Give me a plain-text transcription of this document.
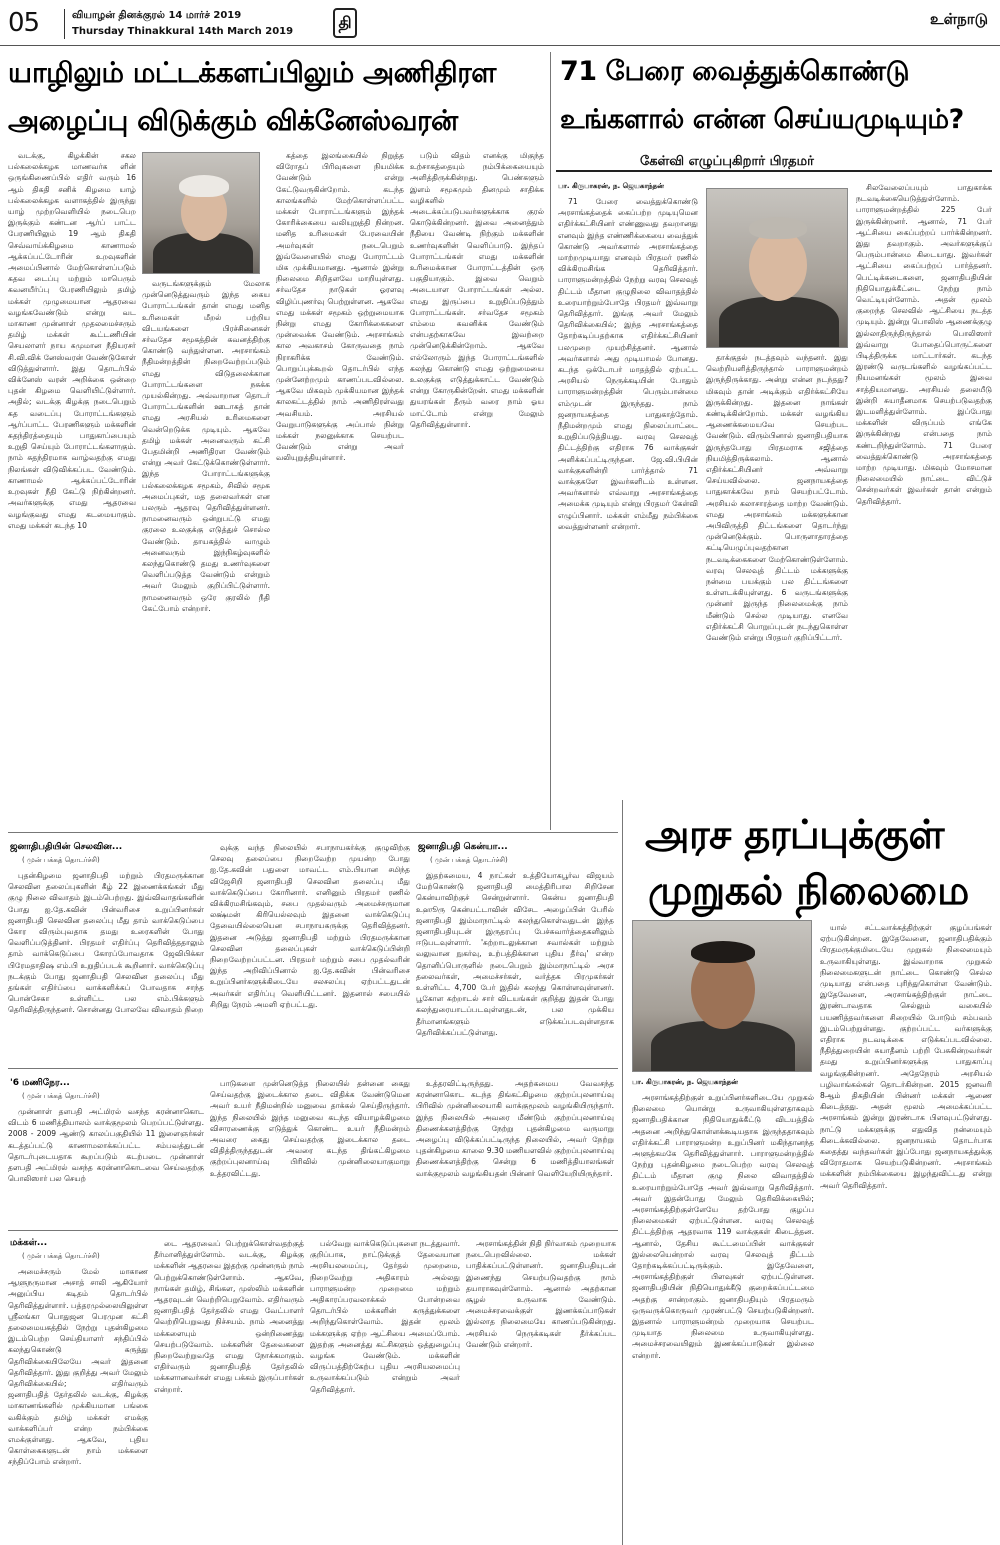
05	வியாழன் தினக்குரல் 14 மார்ச் 2019
Thursday Thinakkural 14th March 2019	தி	உள்நாடு
யாழிலும் மட்டக்களப்பிலும் அணிதிரள
அழைப்பு விடுக்கும் விக்னேஸ்வரன்

வடக்கு, கிழக்கின் சகல பல்கலைக்கழக மாணவர்க ளின் ஒருங்கிணைப்பில் எதிர் வரும் 16 ஆம் திகதி சனிக் கிழமை யாழ் பல்கலைக்கழக வளாகத்தில் இருந்து யாழ் முற்றவெளியில் நடைபெற இருக்கும் கண்டன ஆர்ப் பாட்ட பேரணியிலும் 19 ஆம் திகதி செவ்வாய்க்கிழமை காணாமல் ஆக்கப்பட்டோரின் உறவுகளின் அமைப்பினால் மேற்கொள்ளப்படும் கதவ டைப்பு மற்றும் மாபெரும் கவனயீர்ப்பு பேரணியிலும் தமிழ் மக்கள் முழுமையான ஆதரவை வழங்கவேண்டும் என்று வட மாகாண முன்னாள் முதலமைச்சரும் தமிழ் மக்கள் கூட்டணியின் செயலாளர் நாய கமுமான நீதியரசர் சி.வி.விக் னேஸ்வரன் வேண்டுகோள் விடுத்துள்ளார். இது தொடர்பில் விக்னேஸ் வரன் அறிக்கை ஒன்றை புதன் கிழமை வெளியிட்டுள்ளார். அதில்; வடக்கு கிழக்கு நடைபெறும் கத வடைப்பு போராட்டங்களும் ஆர்ப்பாட்ட பேரணிகளும் மக்களின் சுதந்திரத்தையும் பாதுகாப்பையும் உறுதி செய்யும் போராட்டங்களாகும். நாம் சுதந்திரமாக வாழ்வதற்கு எமது நிலங்கள் விடுவிக்கப்பட வேண்டும். காணாமல் ஆக்கப்பட்டோரின் உறவுகள் நீதி கேட்டு நிற்கின்றனர். அவர்களுக்கு எமது ஆதரவை வழங்குவது எமது கடமையாகும். எமது மக்கள் கடந்த 10

வருடங்களுக்கும் மேலாக முன்னெடுத்துவரும் இந்த கைய போராட்டங்கள் தான் எமது மனித உரிமைகள் மீறல் பற்றிய விடயங்களை பிரச்சினைகள் சர்வதேச சமூகத்தின் கவனத்திற்கு கொண்டு வந்துள்ளன. அரசாங்கம் நீதிமன்றத்தின் நிறைவேற்றப்படும் எமது விடுதலைக்கான போராட்டங்களை நசுக்க முயல்கின்றது. அவ்வாறான தொடர் போராட்டங்களின் ஊடாகத் தான் எமது அரசியல் உரிமைகளை வென்றெடுக்க முடியும். ஆகவே தமிழ் மக்கள் அனைவரும் கட்சி பேதமின்றி அணிதிரள வேண்டும் என்று அவர் கேட்டுக்கொண்டுள்ளார். இந்த போராட்டங்களுக்கு பல்கலைக்கழக சமூகம், சிவில் சமூக அமைப்புகள், மத தலைவர்கள் என பலரும் ஆதரவு தெரிவித்துள்ளனர். நாமனைவரும் ஒன்றுபட்டு எமது குரலை உலகுக்கு எடுத்துச் சொல்ல வேண்டும். தாயகத்தில் வாழும் அனைவரும் இந்நிகழ்வுகளில் கலந்துகொண்டு தமது உணர்வுகளை வெளிப்படுத்த வேண்டும் என்றும் அவர் மேலும் குறிப்பிட்டுள்ளார். நாமனைவரும் ஒரே குரலில் நீதி கேட்போம் என்றார்.

கத்தை இலங்கையில் நிறுத்த விரோதப் பிரிவுகளை நியமிக்க வேண்டும் என்று கேட்டுவருகின்றோம். கடந்த காலங்களில் மேற்கொள்ளப்பட்ட மக்கள் போராட்டங்களும் இந்தக் கோரிக்கையை வலியுறுத்தி நின்றன. மனித உரிமைகள் பேரவையின் அமர்வுகள் நடைபெறும் இவ்வேளையில் எமது போராட்டம் மிக முக்கியமானது. ஆனால் இன்று நிலைமை சிறிதளவே மாறியுள்ளது. சர்வதேச நாடுகள் ஓரளவு விழிப்புணர்வு பெற்றுள்ளன. ஆகவே எமது மக்கள் சமூகம் ஒற்றுமையாக நின்று எமது கோரிக்கைகளை முன்வைக்க வேண்டும். அரசாங்கம் கால அவகாசம் கோருவதை நாம் நிராகரிக்க வேண்டும். பொறுப்புக்கூறல் தொடர்பில் எந்த முன்னேற்றமும் காணப்படவில்லை. ஆகவே மிகவும் முக்கியமான இந்தக் காலகட்டத்தில் நாம் அணிதிரள்வது அவசியம். அரசியல் வேறுபாடுகளுக்கு அப்பால் நின்று மக்கள் நலனுக்காக செயற்பட வேண்டும் என்று அவர் வலியுறுத்தியுள்ளார்.

படும் விதம் எனக்கு மிகுந்த உற்சாகத்தையும் நம்பிக்கையையும் அளித்திருக்கின்றது. பெண்களும் இளம் சமூகமும் தினமும் சாதிக்க வழிகளில் அடைக்கப்படுபவர்களுக்காக குரல் கொடுக்கின்றனர். இவை அனைத்தும் நீதியை வேண்டி நிற்கும் மக்களின் உணர்வுகளின் வெளிப்பாடு. இந்தப் போராட்டங்கள் எமது மக்களின் உரிமைக்கான போராட்டத்தின் ஒரு பகுதியாகும். இவை வெறும் அடையாள போராட்டங்கள் அல்ல. எமது இருப்பை உறுதிப்படுத்தும் போராட்டங்கள். சர்வதேச சமூகம் எம்மை கவனிக்க வேண்டும் என்பதற்காகவே இவற்றை முன்னெடுக்கின்றோம். ஆகவே எல்லோரும் இந்த போராட்டங்களில் கலந்து கொண்டு எமது ஒற்றுமையை உலகுக்கு எடுத்துக்காட்ட வேண்டும் என்று கோருகின்றேன். எமது மக்களின் துயரங்கள் தீரும் வரை நாம் ஓய மாட்டோம் என்று மேலும் தெரிவித்துள்ளார்.

71 பேரை வைத்துக்கொண்டு
உங்களால் என்ன செய்யமுடியும்?
கேள்வி எழுப்புகிறார் பிரதமர்
பா. கிருபாகரன், ந. ஜெயகாந்தன்

71 பேரை வைத்துக்கொண்டு அரசாங்கத்தைக் கைப்பற்ற முடியுமென எதிர்க்கட்சியினர் எண்ணுவது தவறானது எனவும் இந்த எண்ணிக்கையை வைத்துக் கொண்டு அவர்களால் அரசாங்கத்தை மாற்றமுடியாது எனவும் பிரதமர் ரணில் விக்கிரமசிங்க தெரிவித்தார். பாராளுமன்றத்தில் நேற்று வரவு செலவுத் திட்டம் மீதான குழுநிலை விவாதத்தில் உரையாற்றும்போதே பிரதமர் இவ்வாறு தெரிவித்தார். இங்கு அவர் மேலும் தெரிவிக்கையில்; இந்த அரசாங்கத்தை தோற்கடிப்பதற்காக எதிர்க்கட்சியினர் பலமுறை முயற்சித்தனர். ஆனால் அவர்களால் அது முடியாமல் போனது. கடந்த ஒக்டோபர் மாதத்தில் ஏற்பட்ட அரசியல் நெருக்கடியின் போதும் பாராளுமன்றத்தின் பெரும்பான்மை எம்முடன் இருந்தது. நாம் ஜனநாயகத்தை பாதுகாத்தோம். நீதிமன்றமும் எமது நிலைப்பாட்டை உறுதிப்படுத்தியது. வரவு செலவுத் திட்டத்திற்கு எதிராக 76 வாக்குகள் அளிக்கப்பட்டிருந்தன. ஜே.வி.பியின் வாக்குகளின்றி பார்த்தால் 71 வாக்குகளே இவர்களிடம் உள்ளன. அவர்களால் எவ்வாறு அரசாங்கத்தை அமைக்க முடியும் என்று பிரதமர் கேள்வி எழுப்பினார். மக்கள் எம்மீது நம்பிக்கை வைத்துள்ளனர் என்றார்.

தாக்குதல் நடத்தவும் வந்தனர். இது வெற்றியளித்திருந்தால் பாராளுமன்றம் இருந்திருக்காது. அன்று என்ன நடந்தது? மிகவும் தான் அடிக்கும் எதிர்க்கட்சியே இருக்கின்றது. இதனை நாங்கள் கண்டிக்கின்றோம். மக்கள் வழங்கிய ஆணைக்கமையவே செயற்பட வேண்டும். விரும்பினால் ஜனாதிபதியாக இருந்தபோது பிரதமராக சஜித்தை நியமித்திருக்கலாம். ஆனால் எதிர்க்கட்சியினர் அவ்வாறு செய்யவில்லை. ஜனநாயகத்தை பாதுகாக்கவே நாம் செயற்பட்டோம். அரசியல் கலாசாரத்தை மாற்ற வேண்டும். எமது அரசாங்கம் மக்களுக்கான அபிவிருத்தி திட்டங்களை தொடர்ந்து முன்னெடுக்கும். பொருளாதாரத்தை கட்டியெழுப்புவதற்கான நடவடிக்கைகளை மேற்கொண்டுள்ளோம். வரவு செலவுத் திட்டம் மக்களுக்கு நன்மை பயக்கும் பல திட்டங்களை உள்ளடக்கியுள்ளது. 6 வருடங்களுக்கு முன்னர் இருந்த நிலைமைக்கு நாம் மீண்டும் செல்ல முடியாது. எனவே எதிர்க்கட்சி பொறுப்புடன் நடந்துகொள்ள வேண்டும் என்று பிரதமர் குறிப்பிட்டார்.

சிலவேலைப்பயும் பாதுகாக்க நடவடிக்கையெடுத்துள்ளோம். பாராளுமன்றத்தில் 225 பேர் இருக்கின்றனர். ஆனால், 71 பேர் ஆட்சியை கைப்பற்றப் பார்க்கின்றனர். இது தவறாகும். அவர்களுக்குப் பெரும்பான்மை கிடையாது. இவர்கள் ஆட்சியை கைப்பற்றப் பார்த்தனர். பெட்டிக்கடைகளை, ஜனாதிபதியின் நிதியொதுக்கீட்டை நேற்று நாம் வெட்டியுள்ளோம். அதன் மூலம் குறைந்த செலவில் ஆட்சியை நடத்த முடியும். இன்று பொலிஸ் ஆணைக்குழு இல்லாதிருந்திருந்தால் பொலிஸார் இவ்வாறு போதைப்பொருட்களை பிடித்திருக்க மாட்டார்கள். கடந்த இரண்டு வருடங்களில் வழங்கப்பட்ட நியமனங்கள் மூலம் இவை சாத்தியமானது. அரசியல் தலையீடு இன்றி சுயாதீனமாக செயற்படுவதற்கு இடமளித்துள்ளோம். இப்போது மக்களின் விருப்பம் எங்கே இருக்கின்றது என்பதை நாம் கண்டறிந்துள்ளோம். 71 பேரை வைத்துக்கொண்டு அரசாங்கத்தை மாற்ற முடியாது. மிகவும் மோசமான நிலைமையில் நாட்டை விட்டுச் சென்றவர்கள் இவர்கள் தான் என்றும் தெரிவித்தார்.

ஜனாதிபதியின் செலவின...
( முன் பக்கத் தொடர்ச்சி)

புதன்கிழமை ஜனாதிபதி மற்றும் பிரதமருக்கான செலவின தலைப்புகளின் கீழ் 22 இணைக்கங்கள் மீது குழு நிலை விவாதம் இடம்பெற்றது. இவ்விவாதங்களின் போது ஐ.தே.கவின் பின்வரிசை உறுப்பினர்கள் ஜனாதிபதி செலவின தலைப்பு மீது தாம் வாக்கெடுப்பை கோர விரும்புவதாக தமது உரைகளின் போது வெளிப்படுத்தினர். பிரதமர் எதிர்ப்பு தெரிவித்ததாலும் தாம் வாக்கெடுப்பை கோரப்போவதாக ஜேவிபிக்கா பிரேமதாதிஷ எம்.பி உறுதிப்படக் கூறினார். வாக்கெடுப்பு நடக்கும் போது ஜனாதிபதி செலவின தலைப்பு மீது தங்கள் எதிர்ப்பை வாக்களிக்கப் போவதாக சாந்த பொன்சேகா உள்ளிட்ட பல எம்.பிக்களும் தெரிவித்திருந்தனர். சொன்னது போலவே விவாதம் நிறை

வுக்கு வந்த நிலையில் சபாநாயகர்க்கு குழுவிற்கு செலவு தலைப்பை நிறைவேற்ற முயன்ற போது ஐ.தே.கவின் பதுளை மாவட்ட எம்.பியான சமிந்த விஜேசிறி ஜனாதிபதி செலவின தலைப்பு மீது வாக்கெடுப்பை கோரினார். எனினும் பிரதமர் ரணில் விக்கிரமசிங்கவும், சபை முதல்வரும் அமைச்சருமான லக்ஷ்மன் கிரியெல்லவும் இதனை வாக்கெடுப்பு தேவையில்லையென சபாநாயகருக்கு தெரிவித்தனர். இதனை அடுத்து ஜனாதிபதி மற்றும் பிரதமருக்கான செலவின தலைப்புகள் வாக்கெடுப்பின்றி நிறைவேற்றப்பட்டன. பிரதமர் மற்றும் சபை முதல்வரின் இந்த அறிவிப்பினால் ஐ.தே.கவின் பின்வரிசை உறுப்பினர்களுக்கிடையே சலசலப்பு ஏற்பட்டதுடன் அவர்கள் எதிர்ப்பு வெளியிட்டனர். இதனால் சபையில் சிறிது நேரம் அமளி ஏற்பட்டது.

ஜனாதிபதி கென்யா...
( முன் பக்கத் தொடர்ச்சி)

இதற்கமைய, 4 நாட்கள் உத்தியோகபூர்வ விஜயம் மேற்கொண்டு ஜனாதிபதி மைத்திரிபால சிறிசேன கென்யாவிற்குச் சென்றுள்ளார். கென்ய ஜனாதிபதி உஹூரு கென்யட்டாவின் விசேட அழைப்பின் பேரில் ஜனாதிபதி இம்மாநாட்டில் கலந்துகொள்வதுடன் இந்த ஜனாதிபதியுடன் இருதரப்பு பேச்சுவார்த்தைகளிலும் ஈடுபடவுள்ளார். 'சுற்றாடலுக்கான சவால்கள் மற்றும் வலுவான நுகர்வு, உற்பத்திக்கான புதிய தீர்வு' என்ற தொனிப்பொருளில் நடைபெறும் இம்மாநாட்டில் அரச தலைவர்கள், அமைச்சர்கள், வர்த்தக பிரமுகர்கள் உள்ளிட்ட 4,700 பேர் இதில் கலந்து கொள்ளவுள்ளனர். பூகோள சுற்றாடல் சார் விடயங்கள் குறித்து இதன் போது கலந்துரையாடப்படவுள்ளதுடன், பல முக்கிய தீர்மானங்களும் எடுக்கப்படவுள்ளதாக தெரிவிக்கப்பட்டுள்ளது.

அரச தரப்புக்குள்
முறுகல் நிலைமை
பா. கிருபாகரன், ந. ஜெயகாந்தன்

அரசாங்கத்திற்குள் உறுப்பினர்களிடையே முறுகல் நிலைமை யொன்று உருவாகியுள்ளதாகவும் ஜனாதிபதிக்கான நிதியொதுக்கீட்டு விடயத்தில் அதனை அறிந்துகொள்ளக்கூடியதாக இருந்ததாகவும் எதிர்க்கட்சி பாராளுமன்ற உறுப்பினர் மகிந்தானந்த அளுத்கமகே தெரிவித்துள்ளார். பாராளுமன்றத்தில் நேற்று புதன்கிழமை நடைபெற்ற வரவு செலவுத் திட்டம் மீதான குழு நிலை விவாதத்தில் உரையாற்றும்போதே அவர் இவ்வாறு தெரிவித்தார். அவர் இதன்போது மேலும் தெரிவிக்கையில்; அரசாங்கத்திற்குள்ளேயே தற்போது குழப்ப நிலைமைகள் ஏற்பட்டுள்ளன. வரவு செலவுத் திட்டத்திற்கு ஆதரவாக 119 வாக்குகள் கிடைத்தன. ஆனால், தேசிய கூட்டமைப்பின் வாக்குகள் இல்லையென்றால் வரவு செலவுத் திட்டம் தோற்கடிக்கப்பட்டிருக்கும். இதேவேளை, அரசாங்கத்திற்குள் பிளவுகள் ஏற்பட்டுள்ளன. ஜனாதிபதியின் நிதியொதுக்கீடு குறைக்கப்பட்டமை அதற்கு சான்றாகும். ஜனாதிபதியும் பிரதமரும் ஒருவருக்கொருவர் முரண்பட்டு செயற்படுகின்றனர். இதனால் பாராளுமன்றம் முறையாக செயற்பட முடியாத நிலைமை உருவாகியுள்ளது. அமைச்சரவையிலும் இணக்கப்பாடுகள் இல்லை என்றார்.

யால் சட்டவாக்கத்திற்குள் குழப்பங்கள் ஏற்படுகின்றன. இதேவேளை, ஜனாதிபதிக்கும் பிரதமருக்குமிடையே முறுகல் நிலைமையும் உருவாகியுள்ளது. இவ்வாறாக முறுகல் நிலைமைகளுடன் நாட்டை கொண்டு செல்ல முடியாது என்பதை புரிந்துகொள்ள வேண்டும். இதேவேளை, அரசாங்கத்திற்குள் நாட்டை இரண்டாவதாக செல்லும் வகையில் பயணித்தவர்களை சிறையில் போடும் சம்பவம் இடம்பெற்றுள்ளது. குற்றப்பட்ட வர்களுக்கு எதிராக நடவடிக்கை எடுக்கப்படவில்லை. நீதித்துறையின் சுயாதீனம் பற்றி பேசுகின்றவர்கள் தமது உறுப்பினர்களுக்கு பாதுகாப்பு வழங்குகின்றனர். அதேநேரம் அரசியல் பழிவாங்கல்கள் தொடர்கின்றன. 2015 ஜனவரி 8ஆம் திகதியின் பின்னர் மக்கள் ஆணை கிடைத்தது. அதன் மூலம் அமைக்கப்பட்ட அரசாங்கம் இன்று இரண்டாக பிளவுபட்டுள்ளது. நாட்டு மக்களுக்கு எதுவித நன்மையும் கிடைக்கவில்லை. ஜனநாயகம் தொடர்பாக கதைத்து வந்தவர்கள் இப்போது ஜனநாயகத்துக்கு விரோதமாக செயற்படுகின்றனர். அரசாங்கம் மக்களின் நம்பிக்கையை இழந்துவிட்டது என்று அவர் தெரிவித்தார்.

'6 மணிநேர...
( முன் பக்கத் தொடர்ச்சி)

முன்னாள் தளபதி அட்மிரல் வசந்த கரன்னாகொட விடம் 6 மணித்தியாலம் வாக்குமூலம் பெறப்பட்டுள்ளது. 2008 - 2009 ஆண்டு காலப்பகுதியில் 11 இளைஞர்கள் கடத்தப்பட்டு காணாமலாக்கப்பட்ட சம்பவத்துடன் தொடர்புடையதாக கூறப்படும் கடற்படை முன்னாள் தளபதி அட்மிரல் வசந்த கரன்னாகொடவை செய்வதற்கு பொலிஸார் பல செயற்

பாடுகளை முன்னெடுத்த நிலையில் தன்னை கைது செய்வதற்கு இடைக்கால தடை விதிக்க வேண்டுமென அவர் உயர் நீதிமன்றில் மனுவை தாக்கல் செய்திருந்தார். இந்த நிலையில் இந்த மனுவை கடந்த வியாழக்கிழமை விசாரணைக்கு எடுத்துக் கொண்ட உயர் நீதிமன்றம் அவரை கைது செய்வதற்கு இடைக்கால தடை விதித்திருந்ததுடன் அவரை கடந்த திங்கட்கிழமை குற்றப்புலனாய்வு பிரிவில் முன்னிலையாகுமாறு உத்தரவிட்டது.

உத்தரவிட்டிருந்தது. அதற்கமைய வேவசந்த கரன்னாகொட கடந்த திங்கட்கிழமை குற்றப்புலனாய்வு பிரிவில் முன்னிலையாகி வாக்குமூலம் வழங்கியிருந்தார். இந்த நிலையில் அவரை மீண்டும் குற்றப்புலனாய்வு திணைக்களத்திற்கு நேற்று புதன்கிழமை வருமாறு அழைப்பு விடுக்கப்பட்டிருந்த நிலையில், அவர் நேற்று புதன்கிழமை காலை 9.30 மணியளவில் குற்றப்புலனாய்வு திணைக்களத்திற்கு சென்று 6 மணித்தியாலங்கள் வாக்குமூலம் வழங்கியதன் பின்னர் வெளியேறியிருந்தார்.

மக்கள்...
( முன் பக்கத் தொடர்ச்சி)

அமைச்சரும் மேல் மாகாண ஆளுநருமான அசாத் சாலி ஆகியோர் அனுப்பிய கடிதம் தொடர்பில் தெரிவித்துள்ளார். பத்தரமுல்லையிலுள்ள ஸ்ரீலங்கா பொதுஜன பெரமுன கட்சி தலைமையகத்தில் நேற்று புதன்கிழமை இடம்பெற்ற செய்தியாளர் சந்திப்பில் கலந்துகொண்டு கருத்து தெரிவிக்கையிலேயே அவர் இதனை தெரிவித்தார். இது குறித்து அவர் மேலும் தெரிவிக்கையில்; எதிர்வரும் ஜனாதிபதித் தேர்தலில் வடக்கு, கிழக்கு மாகாணங்களில் முக்கியமான பங்கை வகிக்கும் தமிழ் மக்கள் எமக்கு வாக்களிப்பர் என்ற நம்பிக்கை எமக்குள்ளது. ஆகவே, புதிய கொள்கைகளுடன் நாம் மக்களை சந்திப்போம் என்றார்.

டை ஆதரவைப் பெற்றுக்கொள்வதற்குத் தீர்மானித்துள்ளோம். வடக்கு, கிழக்கு மக்களின் ஆதரவை இதற்கு முன்னரும் நாம் பெற்றுக்கொண்டுள்ளோம். ஆகவே, நாங்கள் தமிழ், சிங்கள, முஸ்லிம் மக்களின் ஆதரவுடன் வெற்றிபெறுவோம். எதிர்வரும் ஜனாதிபதித் தேர்தலில் எமது வேட்பாளர் வெற்றிபெறுவது நிச்சயம். நாம் அனைத்து மக்களையும் ஒன்றிணைத்து செயற்படுவோம். மக்களின் தேவைகளை நிறைவேற்றுவதே எமது நோக்கமாகும். எதிர்வரும் ஜனாதிபதித் தேர்தலில் மக்களானவர்கள் எமது பக்கம் இருப்பார்கள் என்றார்.

பல்வேறு வாக்கெடுப்புகளை நடத்துவார். குறிப்பாக, நாட்டுக்குத் தேவையான அரசியலமைப்பு, தேர்தல் முறைமை, நிறைவேற்று அதிகாரம் அல்லது பாராளுமன்ற முறைமை மற்றும் அதிகாரப்பரவலாக்கல் போன்றவை தொடர்பில் மக்களின் கருத்துக்களை அறிந்துகொள்வோம். இதன் மூலம் மக்களுக்கு ஏற்ற ஆட்சியை அமைப்போம். இதற்கு அனைத்து கட்சிகளும் ஒத்துழைப்பு வழங்க வேண்டும். மக்களின் விருப்பத்திற்கேற்ப புதிய அரசியலமைப்பு உருவாக்கப்படும் என்றும் அவர் தெரிவித்தார்.

அரசாங்கத்தின் நிதி நிர்வாகம் முறையாக நடைபெறவில்லை. மக்கள் பாதிக்கப்பட்டுள்ளனர். ஜனாதிபதியுடன் இணைந்து செயற்படுவதற்கு நாம் தயாராகவுள்ளோம். ஆனால் அதற்கான சூழல் உருவாக வேண்டும். அமைச்சரவைக்குள் இணக்கப்பாடுகள் இல்லாத நிலைமையே காணப்படுகின்றது. அரசியல் நெருக்கடிகள் தீர்க்கப்பட வேண்டும் என்றார்.
